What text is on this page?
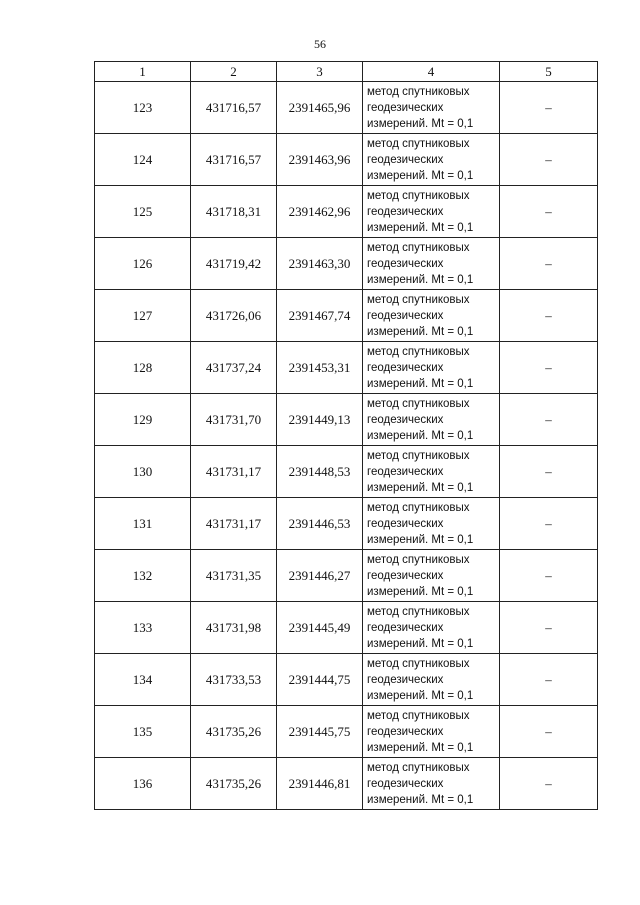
56
1	2	3	4	5
123	431716,57	2391465,96	метод спутниковых
геодезических
измерений. Mt = 0,1	–
124	431716,57	2391463,96	метод спутниковых
геодезических
измерений. Mt = 0,1	–
125	431718,31	2391462,96	метод спутниковых
геодезических
измерений. Mt = 0,1	–
126	431719,42	2391463,30	метод спутниковых
геодезических
измерений. Mt = 0,1	–
127	431726,06	2391467,74	метод спутниковых
геодезических
измерений. Mt = 0,1	–
128	431737,24	2391453,31	метод спутниковых
геодезических
измерений. Mt = 0,1	–
129	431731,70	2391449,13	метод спутниковых
геодезических
измерений. Mt = 0,1	–
130	431731,17	2391448,53	метод спутниковых
геодезических
измерений. Mt = 0,1	–
131	431731,17	2391446,53	метод спутниковых
геодезических
измерений. Mt = 0,1	–
132	431731,35	2391446,27	метод спутниковых
геодезических
измерений. Mt = 0,1	–
133	431731,98	2391445,49	метод спутниковых
геодезических
измерений. Mt = 0,1	–
134	431733,53	2391444,75	метод спутниковых
геодезических
измерений. Mt = 0,1	–
135	431735,26	2391445,75	метод спутниковых
геодезических
измерений. Mt = 0,1	–
136	431735,26	2391446,81	метод спутниковых
геодезических
измерений. Mt = 0,1	–
